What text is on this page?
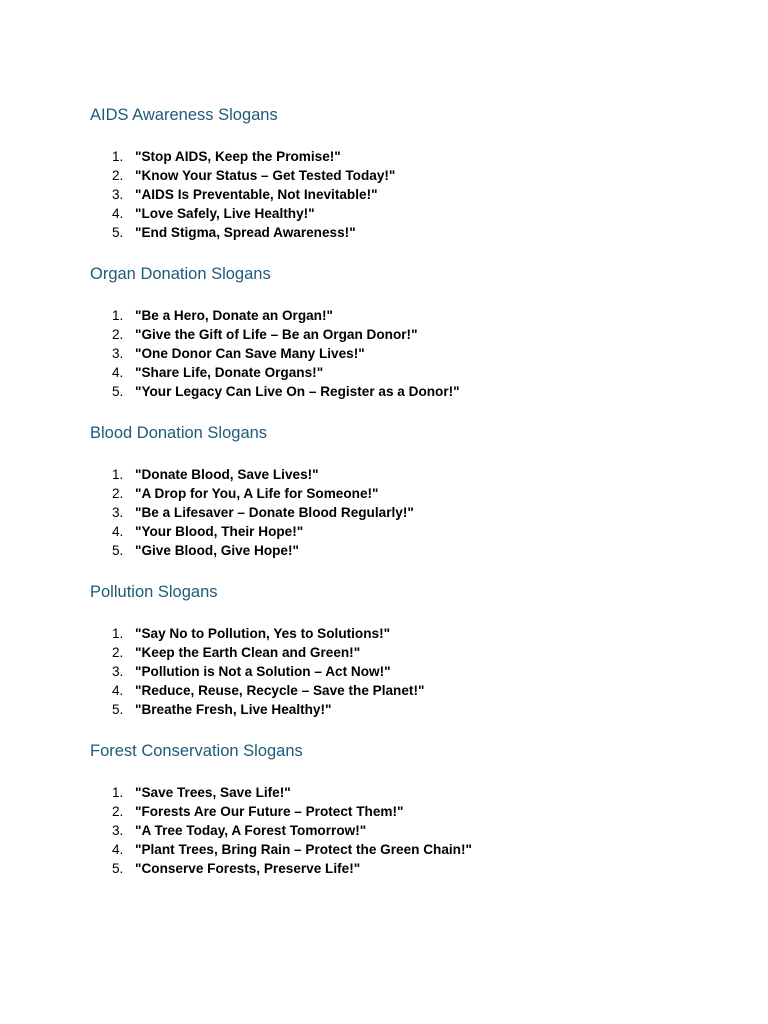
AIDS Awareness Slogans
1. "Stop AIDS, Keep the Promise!"
2. "Know Your Status – Get Tested Today!"
3. "AIDS Is Preventable, Not Inevitable!"
4. "Love Safely, Live Healthy!"
5. "End Stigma, Spread Awareness!"
Organ Donation Slogans
1. "Be a Hero, Donate an Organ!"
2. "Give the Gift of Life – Be an Organ Donor!"
3. "One Donor Can Save Many Lives!"
4. "Share Life, Donate Organs!"
5. "Your Legacy Can Live On – Register as a Donor!"
Blood Donation Slogans
1. "Donate Blood, Save Lives!"
2. "A Drop for You, A Life for Someone!"
3. "Be a Lifesaver – Donate Blood Regularly!"
4. "Your Blood, Their Hope!"
5. "Give Blood, Give Hope!"
Pollution Slogans
1. "Say No to Pollution, Yes to Solutions!"
2. "Keep the Earth Clean and Green!"
3. "Pollution is Not a Solution – Act Now!"
4. "Reduce, Reuse, Recycle – Save the Planet!"
5. "Breathe Fresh, Live Healthy!"
Forest Conservation Slogans
1. "Save Trees, Save Life!"
2. "Forests Are Our Future – Protect Them!"
3. "A Tree Today, A Forest Tomorrow!"
4. "Plant Trees, Bring Rain – Protect the Green Chain!"
5. "Conserve Forests, Preserve Life!"
